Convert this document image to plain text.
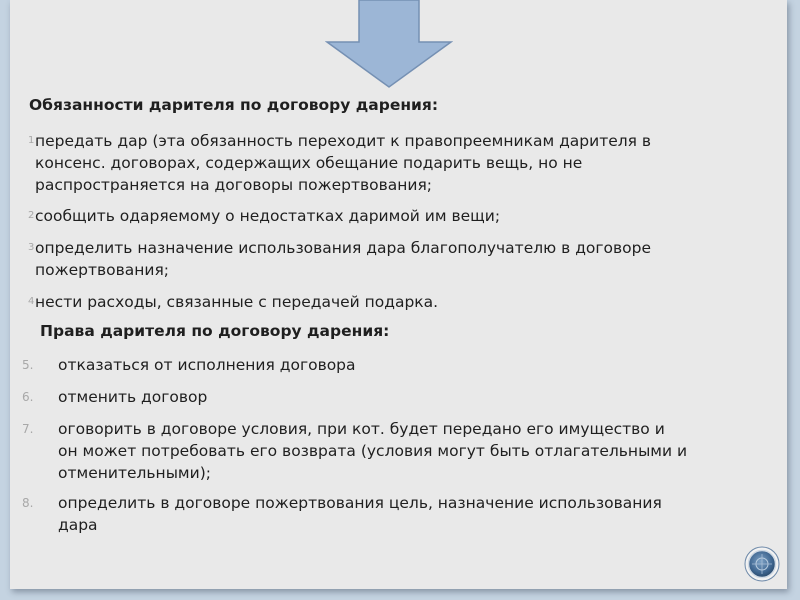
Обязанности дарителя по договору дарения:
1 передать дар (эта обязанность переходит к правопреемникам дарителя в
консенс. договорах, содержащих обещание подарить вещь, но не
распространяется на договоры пожертвования;
2 сообщить одаряемому о недостатках даримой им вещи;
3 определить назначение использования дара благополучателю в договоре
пожертвования;
4 нести расходы, связанные с передачей подарка.
Права дарителя по договору дарения:
5. отказаться от исполнения договора
6. отменить договор
7. оговорить в договоре условия, при кот. будет передано его имущество и
он может потребовать его возврата (условия могут быть отлагательными и
отменительными);
8. определить в договоре пожертвования цель, назначение использования
дара
